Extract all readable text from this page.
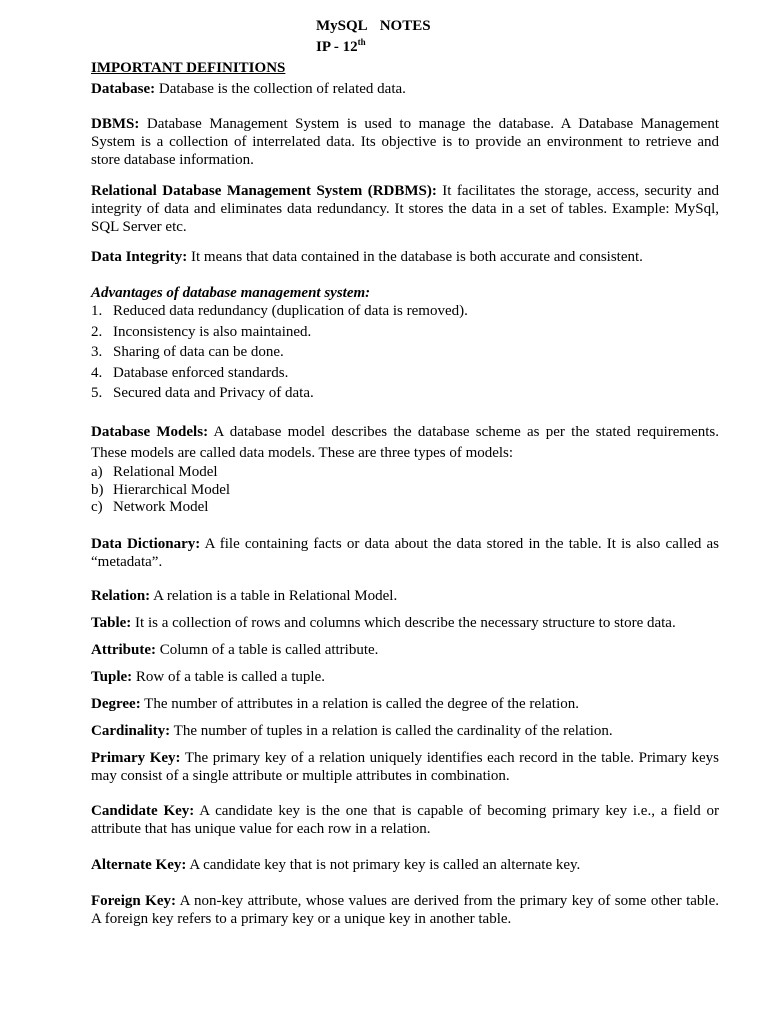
MySQL NOTES
IP - 12th
IMPORTANT DEFINITIONS
Database: Database is the collection of related data.
DBMS: Database Management System is used to manage the database. A Database Management System is a collection of interrelated data. Its objective is to provide an environment to retrieve and store database information.
Relational Database Management System (RDBMS): It facilitates the storage, access, security and integrity of data and eliminates data redundancy. It stores the data in a set of tables. Example: MySql, SQL Server etc.
Data Integrity: It means that data contained in the database is both accurate and consistent.
Advantages of database management system:
1. Reduced data redundancy (duplication of data is removed).
2. Inconsistency is also maintained.
3. Sharing of data can be done.
4. Database enforced standards.
5. Secured data and Privacy of data.
Database Models: A database model describes the database scheme as per the stated requirements. These models are called data models. These are three types of models:
a) Relational Model
b) Hierarchical Model
c) Network Model
Data Dictionary: A file containing facts or data about the data stored in the table. It is also called as “metadata”.
Relation: A relation is a table in Relational Model.
Table: It is a collection of rows and columns which describe the necessary structure to store data.
Attribute: Column of a table is called attribute.
Tuple: Row of a table is called a tuple.
Degree: The number of attributes in a relation is called the degree of the relation.
Cardinality: The number of tuples in a relation is called the cardinality of the relation.
Primary Key: The primary key of a relation uniquely identifies each record in the table. Primary keys may consist of a single attribute or multiple attributes in combination.
Candidate Key: A candidate key is the one that is capable of becoming primary key i.e., a field or attribute that has unique value for each row in a relation.
Alternate Key: A candidate key that is not primary key is called an alternate key.
Foreign Key: A non-key attribute, whose values are derived from the primary key of some other table. A foreign key refers to a primary key or a unique key in another table.
